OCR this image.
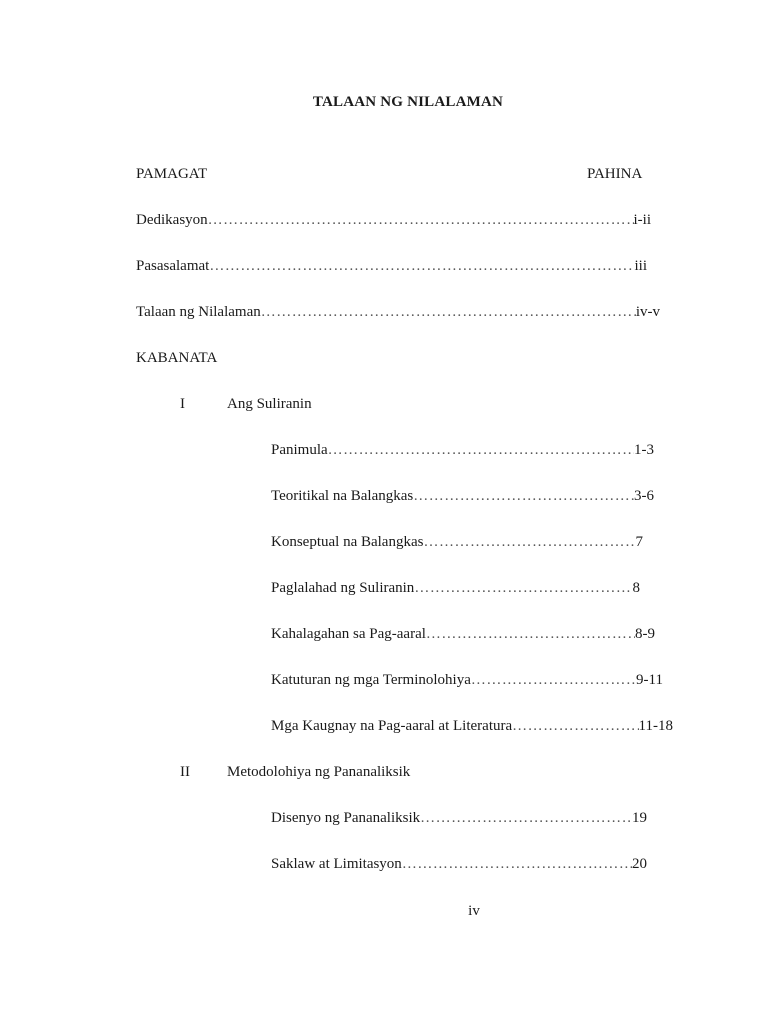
TALAAN NG NILALAMAN
PAMAGAT	PAHINA
Dedikasyon ……………………………………………………………………………………………………………………………………………………………………	i-ii
Pasasalamat ……………………………………………………………………………………………………………………………………………………………………	iii
Talaan ng Nilalaman ……………………………………………………………………………………………………………………………………………………………………	iv-v
KABANATA
I	Ang Suliranin
Panimula ……………………………………………………………………………………………………………………………………………………………………	1-3
Teoritikal na Balangkas ……………………………………………………………………………………………………………………………………………………………………	3-6
Konseptual na Balangkas ……………………………………………………………………………………………………………………………………………………………………	7
Paglalahad ng Suliranin ……………………………………………………………………………………………………………………………………………………………………	8
Kahalagahan sa Pag-aaral ……………………………………………………………………………………………………………………………………………………………………	8-9
Katuturan ng mga Terminolohiya ……………………………………………………………………………………………………………………………………………………………………	9-11
Mga Kaugnay na Pag-aaral at Literatura ……………………………………………………………………………………………………………………………………………………………………	11-18
II Metodolohiya ng Pananaliksik
Disenyo ng Pananaliksik ……………………………………………………………………………………………………………………………………………………………………	19
Saklaw at Limitasyon ……………………………………………………………………………………………………………………………………………………………………	20
iv
